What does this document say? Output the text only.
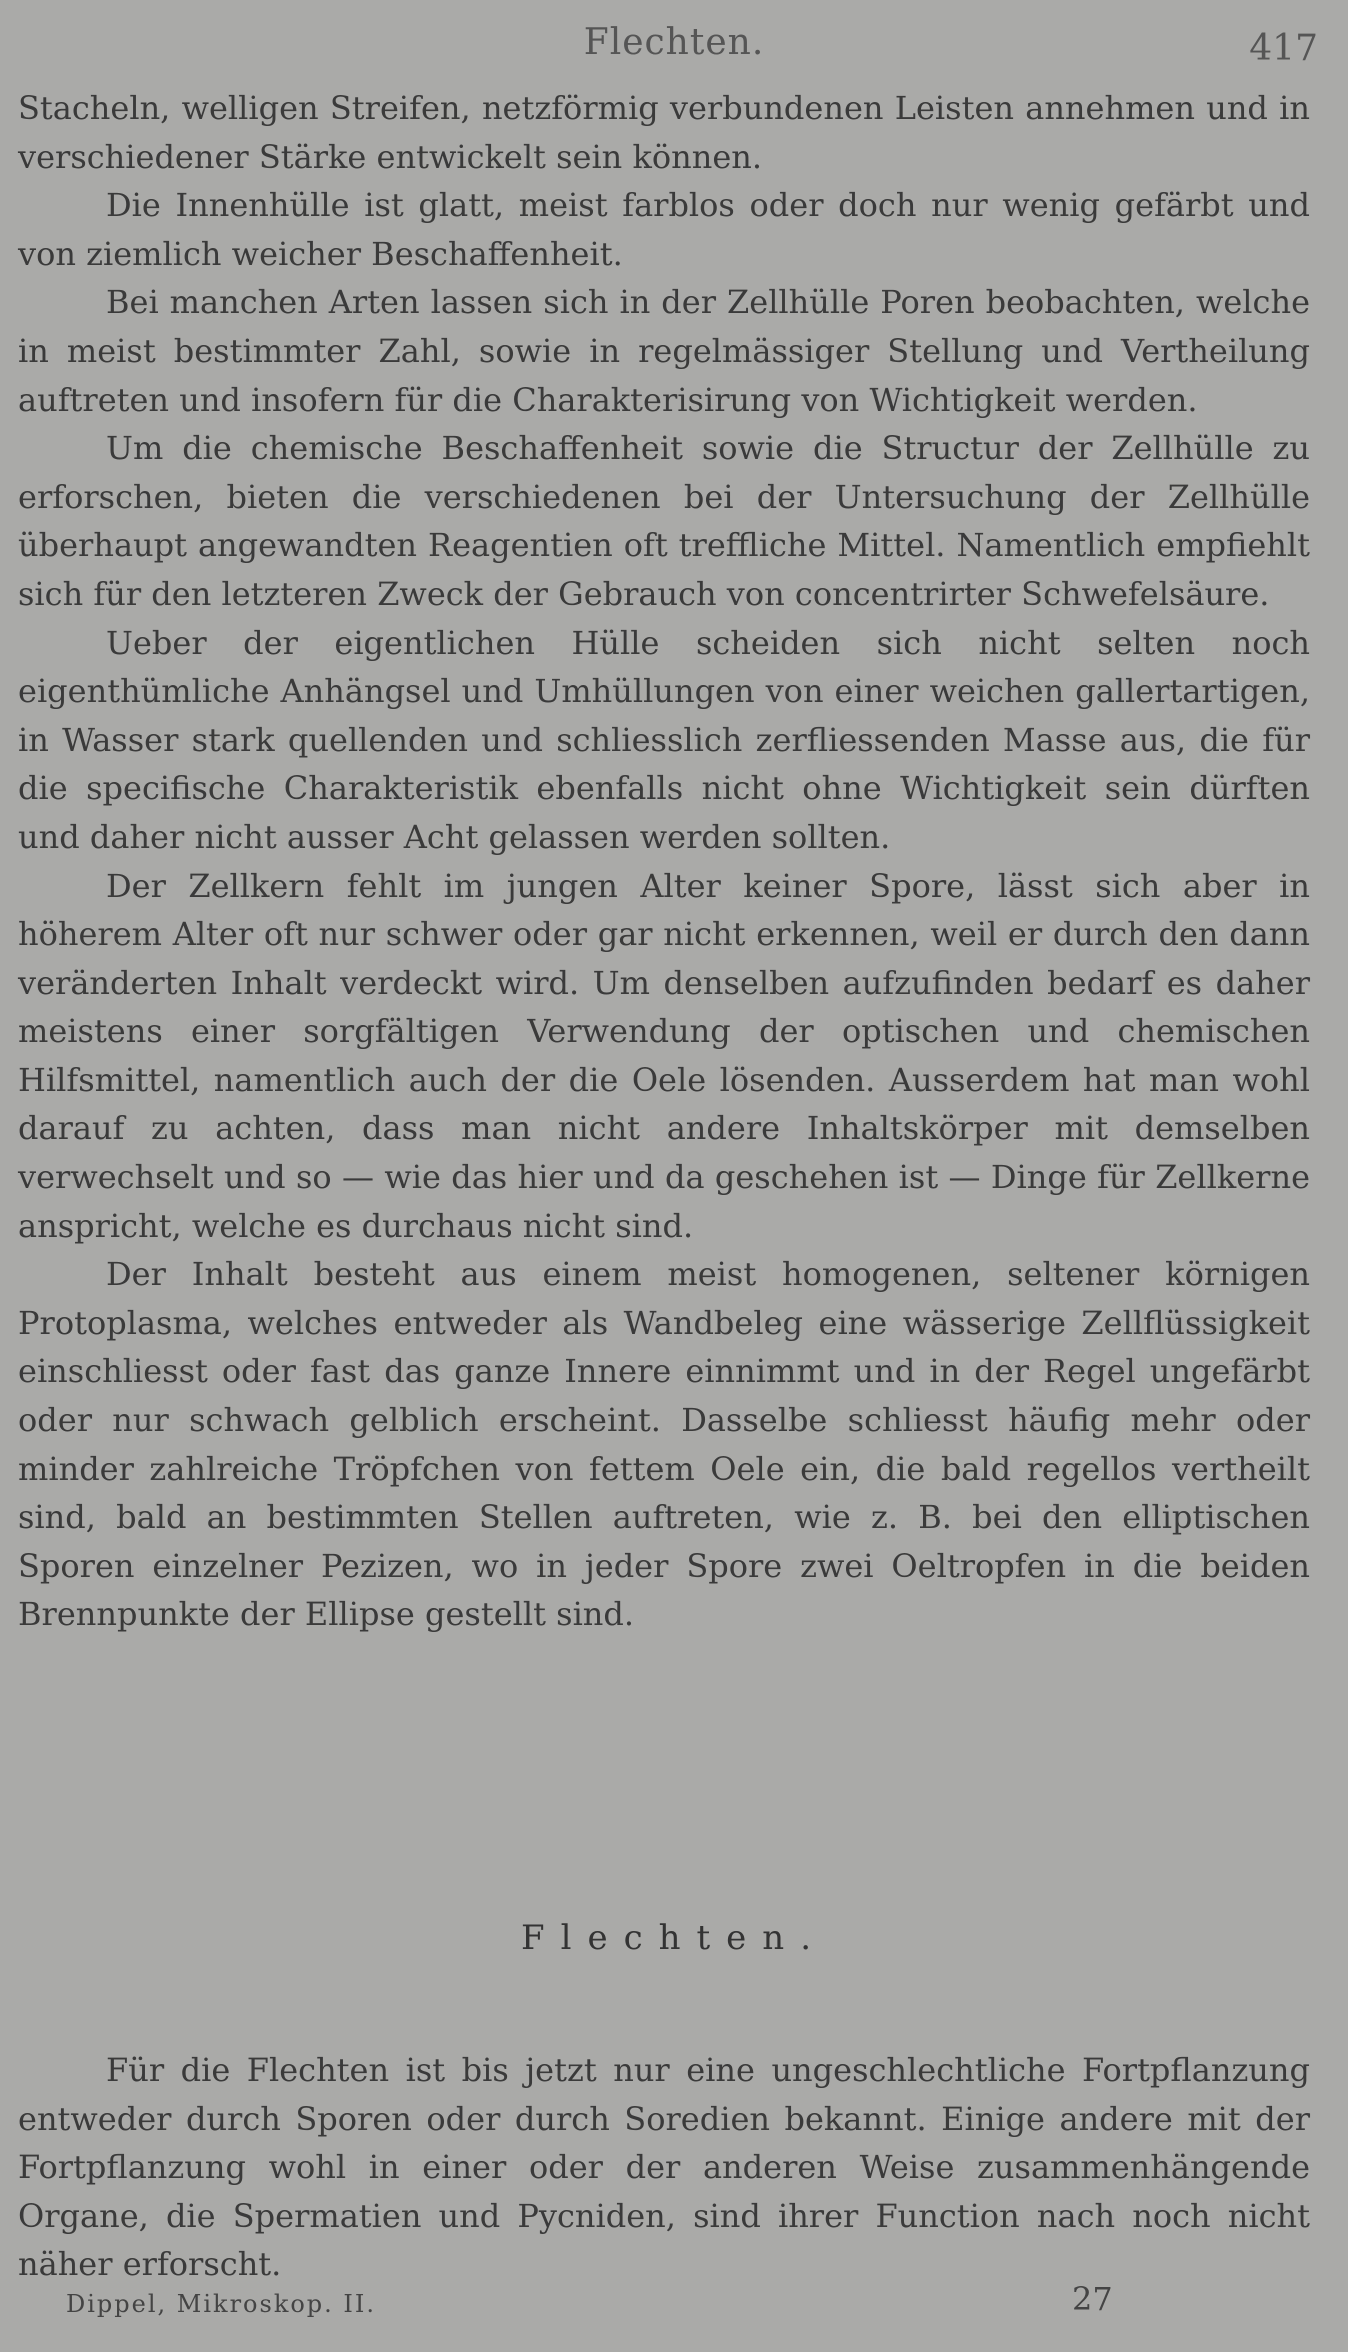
Flechten.	417

Stacheln, welligen Streifen, netzförmig verbundenen Leisten annehmen und in verschiedener Stärke entwickelt sein können.

Die Innenhülle ist glatt, meist farblos oder doch nur wenig gefärbt und von ziemlich weicher Beschaffenheit.

Bei manchen Arten lassen sich in der Zellhülle Poren beobachten, welche in meist bestimmter Zahl, sowie in regelmässiger Stellung und Vertheilung auftreten und insofern für die Charakterisirung von Wichtigkeit werden.

Um die chemische Beschaffenheit sowie die Structur der Zellhülle zu erforschen, bieten die verschiedenen bei der Untersuchung der Zellhülle überhaupt angewandten Reagentien oft treffliche Mittel. Namentlich empfiehlt sich für den letzteren Zweck der Gebrauch von concentrirter Schwefelsäure.

Ueber der eigentlichen Hülle scheiden sich nicht selten noch eigenthümliche Anhängsel und Umhüllungen von einer weichen gallertartigen, in Wasser stark quellenden und schliesslich zerfliessenden Masse aus, die für die specifische Charakteristik ebenfalls nicht ohne Wichtigkeit sein dürften und daher nicht ausser Acht gelassen werden sollten.

Der Zellkern fehlt im jungen Alter keiner Spore, lässt sich aber in höherem Alter oft nur schwer oder gar nicht erkennen, weil er durch den dann veränderten Inhalt verdeckt wird. Um denselben aufzufinden bedarf es daher meistens einer sorgfältigen Verwendung der optischen und chemischen Hilfsmittel, namentlich auch der die Oele lösenden. Ausserdem hat man wohl darauf zu achten, dass man nicht andere Inhaltskörper mit demselben verwechselt und so — wie das hier und da geschehen ist — Dinge für Zellkerne anspricht, welche es durchaus nicht sind.

Der Inhalt besteht aus einem meist homogenen, seltener körnigen Protoplasma, welches entweder als Wandbeleg eine wässerige Zellflüssigkeit einschliesst oder fast das ganze Innere einnimmt und in der Regel ungefärbt oder nur schwach gelblich erscheint. Dasselbe schliesst häufig mehr oder minder zahlreiche Tröpfchen von fettem Oele ein, die bald regellos vertheilt sind, bald an bestimmten Stellen auftreten, wie z. B. bei den elliptischen Sporen einzelner Pezizen, wo in jeder Spore zwei Oeltropfen in die beiden Brennpunkte der Ellipse gestellt sind.

Flechten.

Für die Flechten ist bis jetzt nur eine ungeschlechtliche Fortpflanzung entweder durch Sporen oder durch Soredien bekannt. Einige andere mit der Fortpflanzung wohl in einer oder der anderen Weise zusammenhängende Organe, die Spermatien und Pycniden, sind ihrer Function nach noch nicht näher erforscht.

Dippel, Mikroskop. II.	27
